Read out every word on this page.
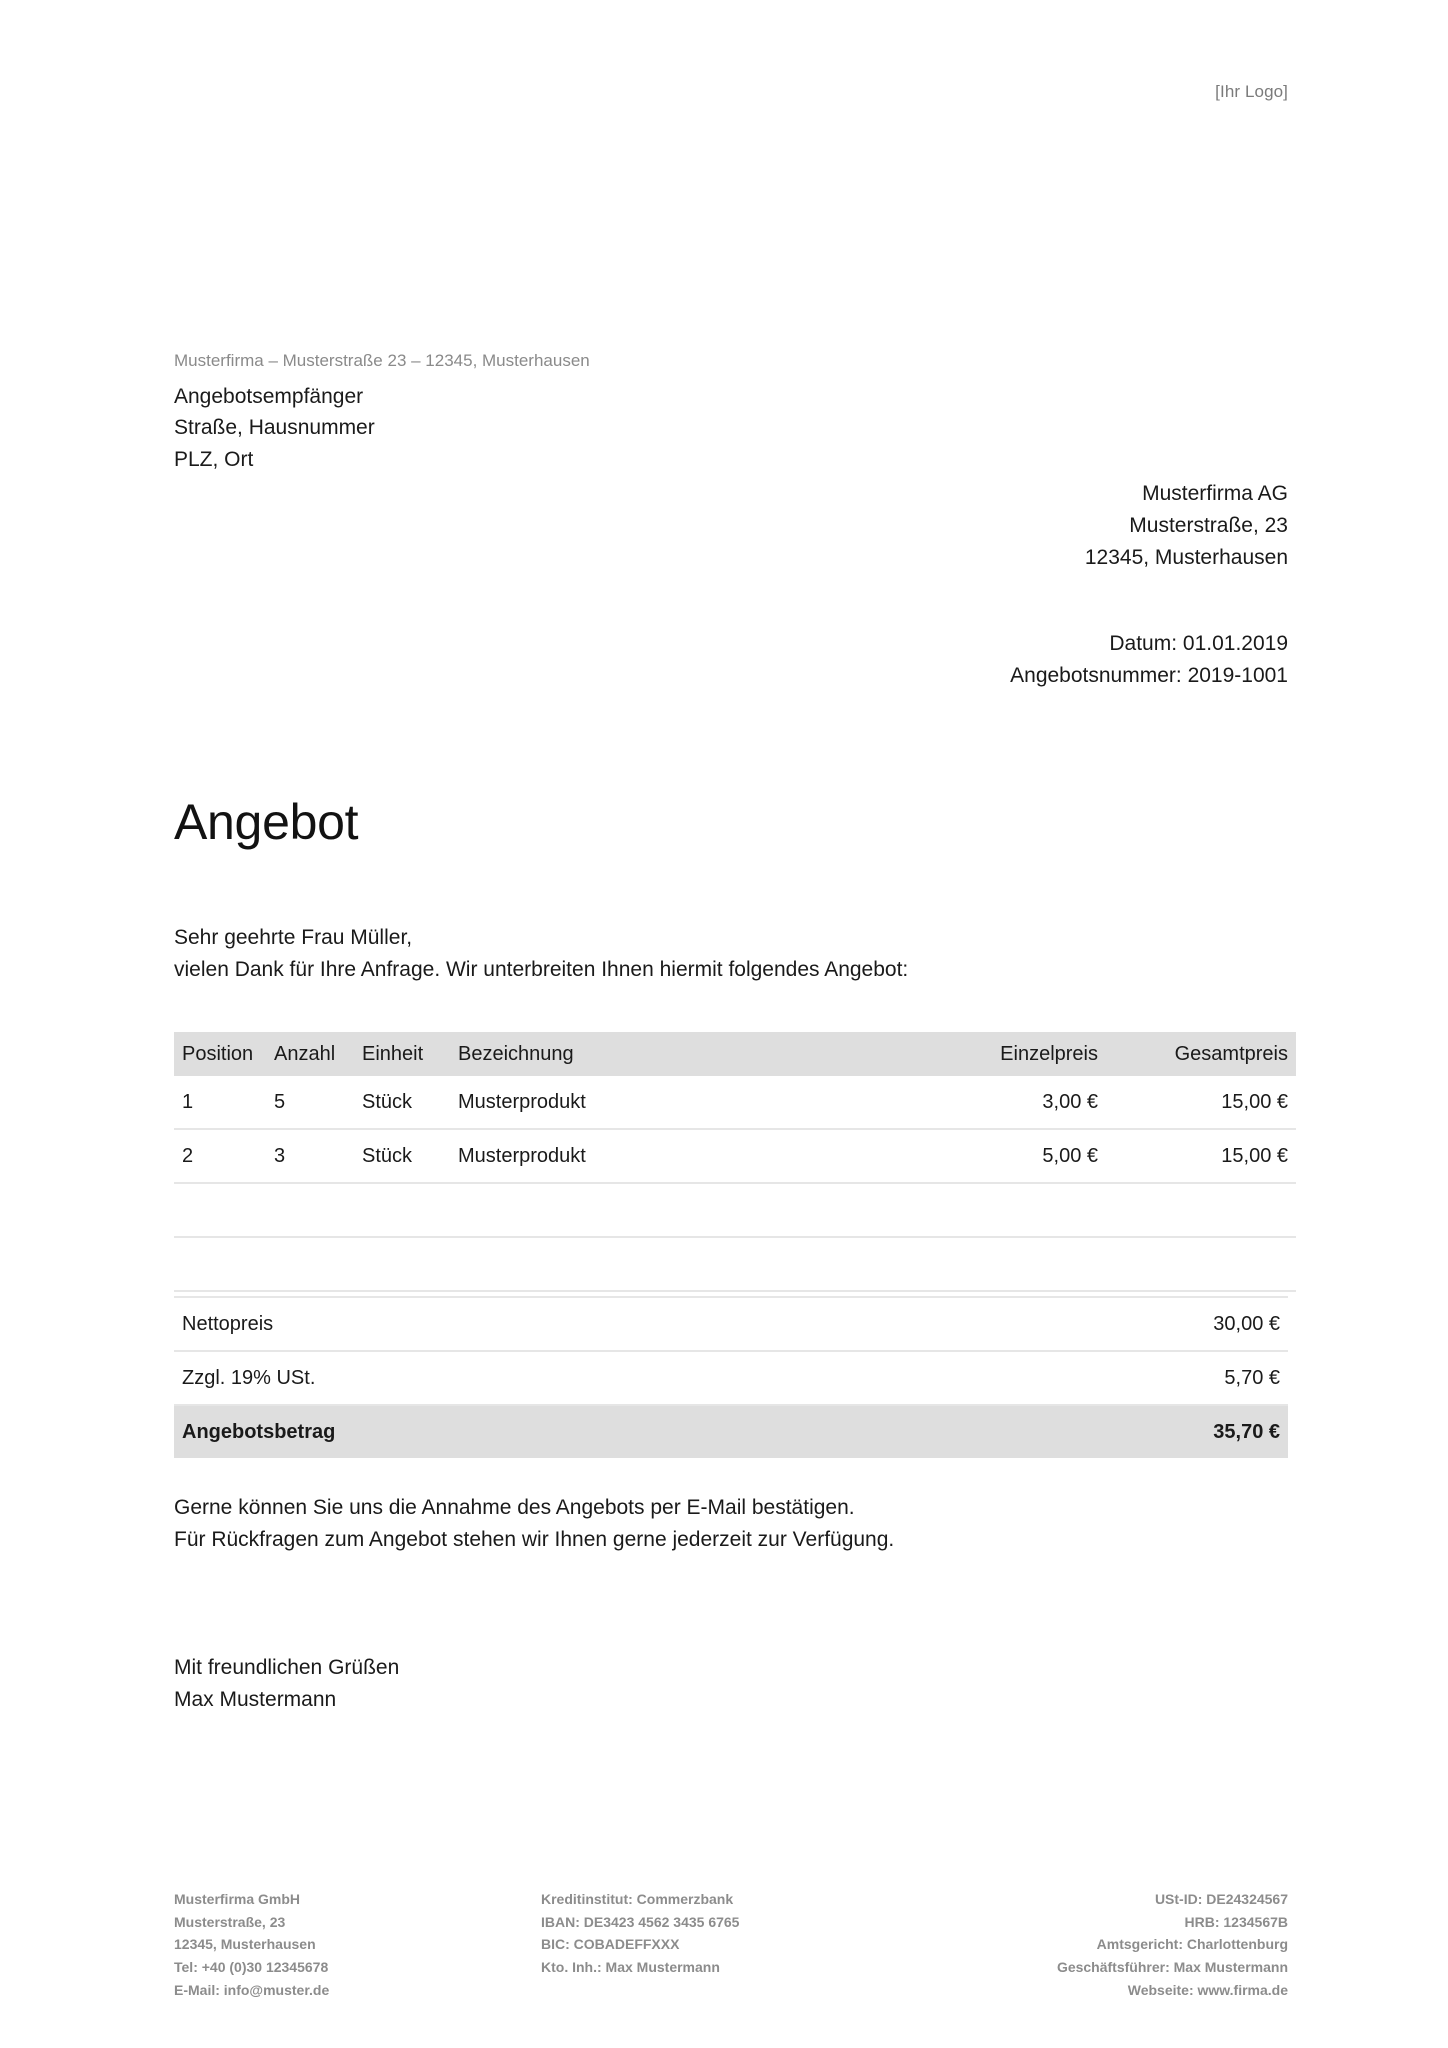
[Ihr Logo]
Musterfirma – Musterstraße 23 – 12345, Musterhausen
Angebotsempfänger
Straße, Hausnummer
PLZ, Ort
Musterfirma AG
Musterstraße, 23
12345, Musterhausen
Datum: 01.01.2019
Angebotsnummer: 2019-1001
Angebot
Sehr geehrte Frau Müller,
vielen Dank für Ihre Anfrage. Wir unterbreiten Ihnen hiermit folgendes Angebot:
Position	Anzahl	Einheit	Bezeichnung	Einzelpreis	Gesamtpreis
1	5	Stück	Musterprodukt	3,00 €	15,00 €
2	3	Stück	Musterprodukt	5,00 €	15,00 €

Nettopreis	30,00 €
Zzgl. 19% USt.	5,70 €
Angebotsbetrag	35,70 €
Gerne können Sie uns die Annahme des Angebots per E-Mail bestätigen.
Für Rückfragen zum Angebot stehen wir Ihnen gerne jederzeit zur Verfügung.
Mit freundlichen Grüßen
Max Mustermann
Musterfirma GmbH
Musterstraße, 23
12345, Musterhausen
Tel: +40 (0)30 12345678
E-Mail: info@muster.de
Kreditinstitut: Commerzbank
IBAN: DE3423 4562 3435 6765
BIC: COBADEFFXXX
Kto. Inh.: Max Mustermann
USt-ID: DE24324567
HRB: 1234567B
Amtsgericht: Charlottenburg
Geschäftsführer: Max Mustermann
Webseite: www.firma.de
